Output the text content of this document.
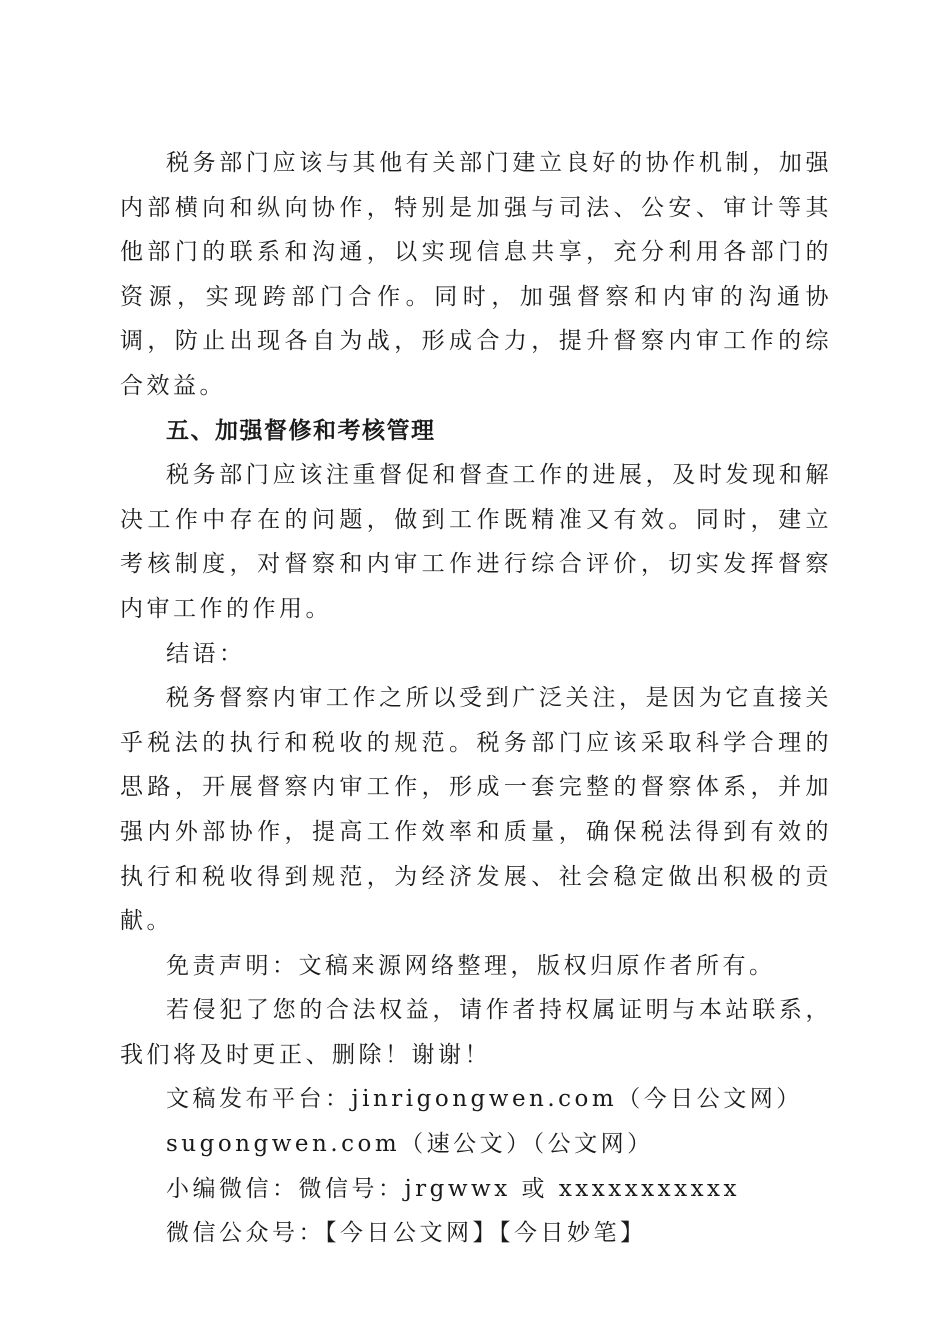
税务部门应该与其他有关部门建立良好的协作机制，加强内部横向和纵向协作，特别是加强与司法、公安、审计等其他部门的联系和沟通，以实现信息共享，充分利用各部门的资源，实现跨部门合作。同时，加强督察和内审的沟通协调，防止出现各自为战，形成合力，提升督察内审工作的综合效益。

五、加强督修和考核管理

税务部门应该注重督促和督查工作的进展，及时发现和解决工作中存在的问题，做到工作既精准又有效。同时，建立考核制度，对督察和内审工作进行综合评价，切实发挥督察内审工作的作用。

结语：

税务督察内审工作之所以受到广泛关注，是因为它直接关乎税法的执行和税收的规范。税务部门应该采取科学合理的思路，开展督察内审工作，形成一套完整的督察体系，并加强内外部协作，提高工作效率和质量，确保税法得到有效的执行和税收得到规范，为经济发展、社会稳定做出积极的贡献。

免责声明：文稿来源网络整理，版权归原作者所有。

若侵犯了您的合法权益，请作者持权属证明与本站联系，我们将及时更正、删除！谢谢！

文稿发布平台：jinrigongwen.com（今日公文网）

sugongwen.com（速公文）（公文网）

小编微信：微信号：jrgwwx 或 xxxxxxxxxxx

微信公众号：【今日公文网】【今日妙笔】
